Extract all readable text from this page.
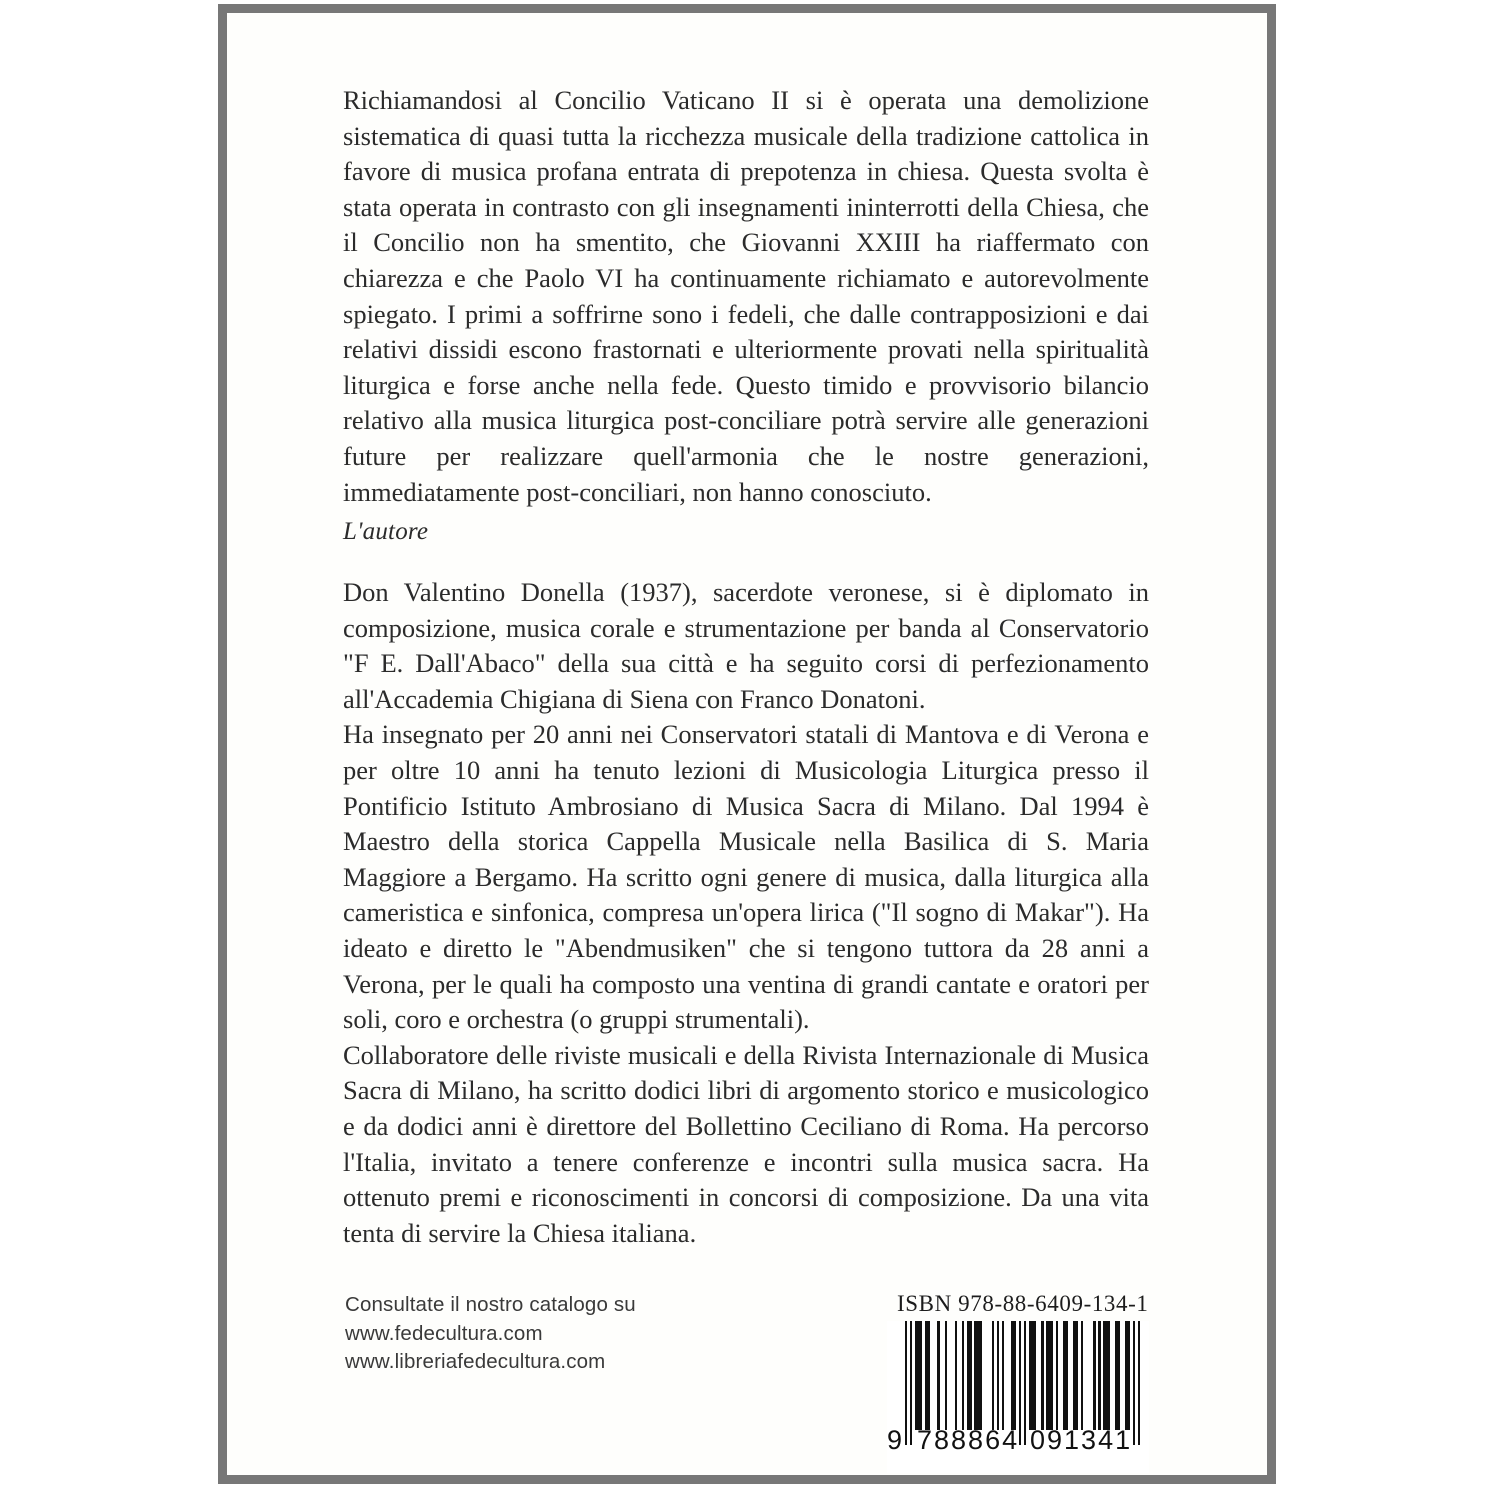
Richiamandosi al Concilio Vaticano II si è operata una demolizione sistematica di quasi tutta la ricchezza musicale della tradizione cattolica in favore di musica profana entrata di prepotenza in chiesa. Questa svolta è stata operata in contrasto con gli insegnamenti ininterrotti della Chiesa, che il Concilio non ha smentito, che Giovanni XXIII ha riaffermato con chiarezza e che Paolo VI ha continuamente richiamato e autorevolmente spiegato. I primi a soffrirne sono i fedeli, che dalle contrapposizioni e dai relativi dissidi escono frastornati e ulteriormente provati nella spiritualità liturgica e forse anche nella fede. Questo timido e provvisorio bilancio relativo alla musica liturgica post-conciliare potrà servire alle generazioni future per realizzare quell'armonia che le nostre generazioni, immediatamente post-conciliari, non hanno conosciuto.

L'autore

Don Valentino Donella (1937), sacerdote veronese, si è diplomato in composizione, musica corale e strumentazione per banda al Conservatorio "F E. Dall'Abaco" della sua città e ha seguito corsi di perfezionamento all'Accademia Chigiana di Siena con Franco Donatoni.

Ha insegnato per 20 anni nei Conservatori statali di Mantova e di Verona e per oltre 10 anni ha tenuto lezioni di Musicologia Liturgica presso il Pontificio Istituto Ambrosiano di Musica Sacra di Milano. Dal 1994 è Maestro della storica Cappella Musicale nella Basilica di S. Maria Maggiore a Bergamo. Ha scritto ogni genere di musica, dalla liturgica alla cameristica e sinfonica, compresa un'opera lirica ("Il sogno di Makar"). Ha ideato e diretto le "Abendmusiken" che si tengono tuttora da 28 anni a Verona, per le quali ha composto una ventina di grandi cantate e oratori per soli, coro e orchestra (o gruppi strumentali).

Collaboratore delle riviste musicali e della Rivista Internazionale di Musica Sacra di Milano, ha scritto dodici libri di argomento storico e musicologico e da dodici anni è direttore del Bollettino Ceciliano di Roma. Ha percorso l'Italia, invitato a tenere conferenze e incontri sulla musica sacra. Ha ottenuto premi e riconoscimenti in concorsi di composizione. Da una vita tenta di servire la Chiesa italiana.

Consultate il nostro catalogo su
www.fedecultura.com
www.libreriafedecultura.com
ISBN 978-88-6409-134-1
9 788864 091341
